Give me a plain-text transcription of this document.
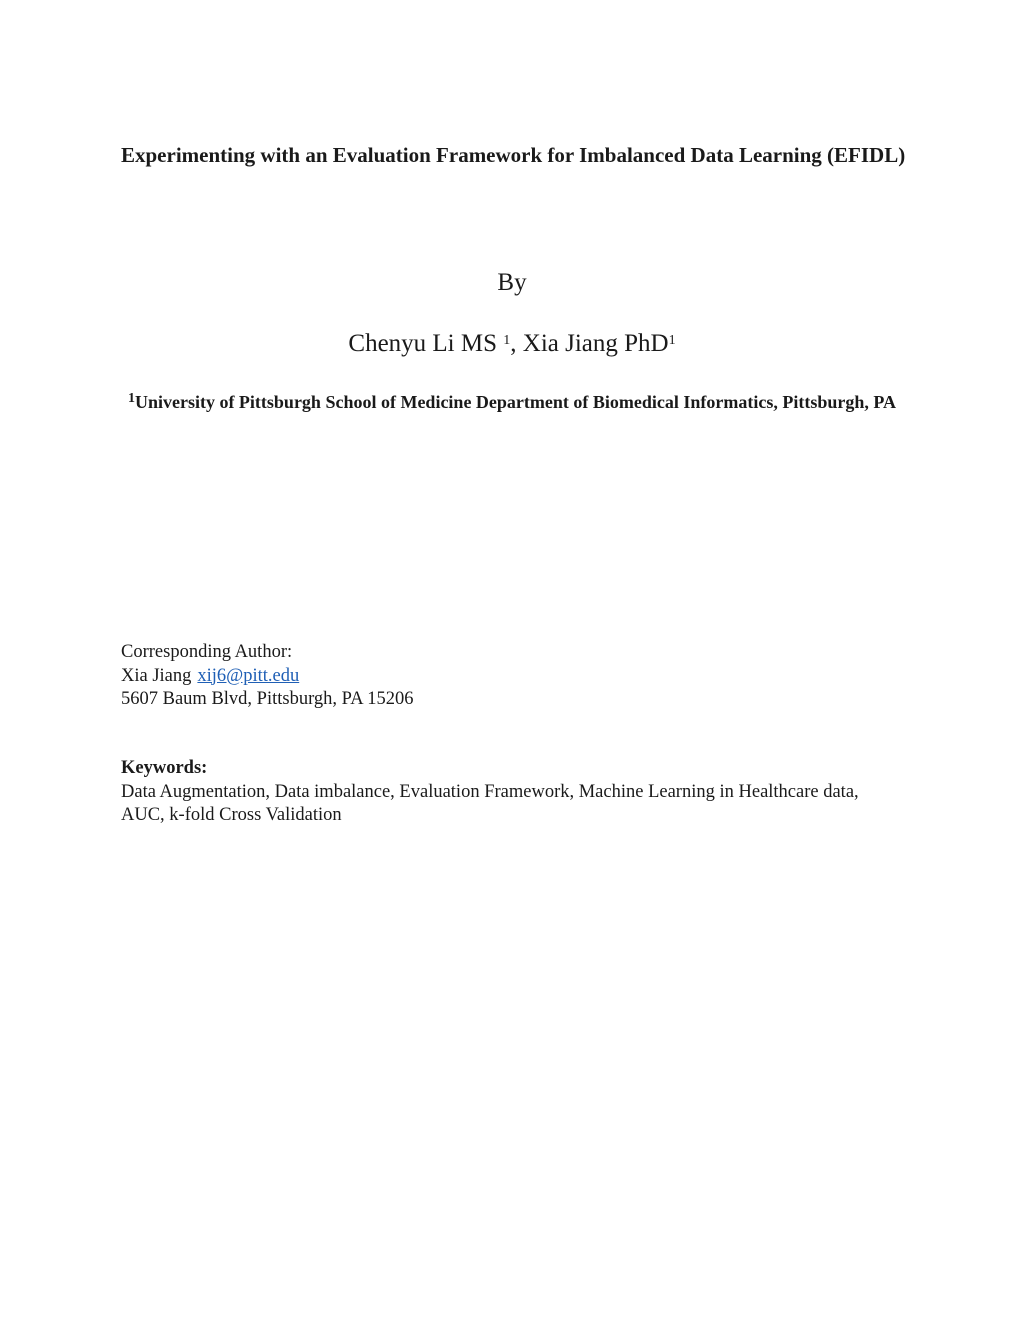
Experimenting with an Evaluation Framework for Imbalanced Data Learning (EFIDL)
By
Chenyu Li MS $^1$, Xia Jiang PhD$^1$
$^1$University of Pittsburgh School of Medicine Department of Biomedical Informatics, Pittsburgh, PA
Corresponding Author:
Xia Jiang xij6@pitt.edu
5607 Baum Blvd, Pittsburgh, PA 15206
Keywords:
Data Augmentation, Data imbalance, Evaluation Framework, Machine Learning in Healthcare data, AUC, k-fold Cross Validation
